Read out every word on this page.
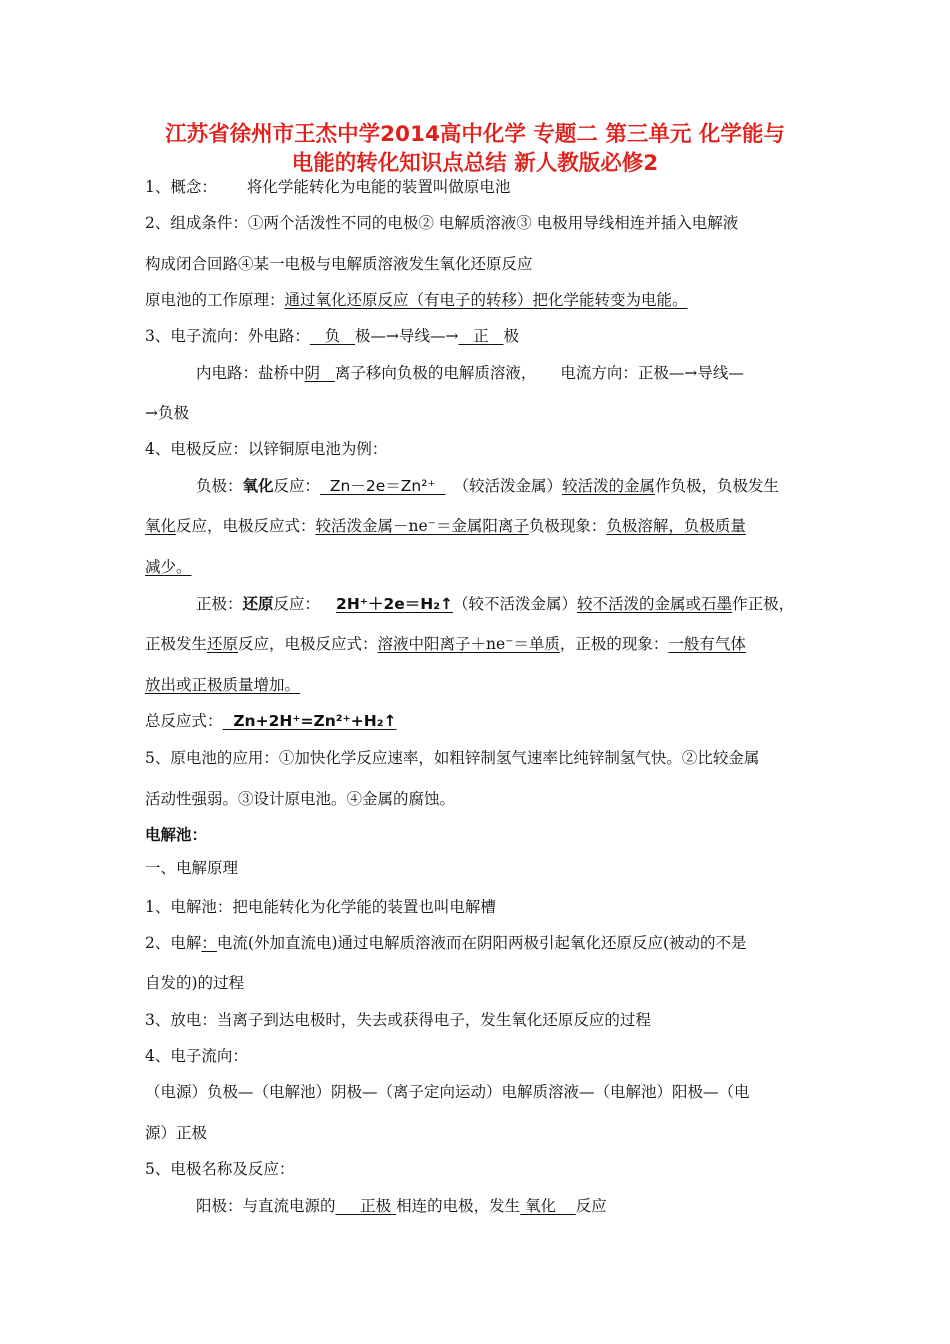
江苏省徐州市王杰中学2014高中化学 专题二 第三单元 化学能与
电能的转化知识点总结 新人教版必修2
1、概念： 将化学能转化为电能的装置叫做原电池
2、组成条件：①两个活泼性不同的电极② 电解质溶液③ 电极用导线相连并插入电解液
构成闭合回路④某一电极与电解质溶液发生氧化还原反应
原电池的工作原理：通过氧化还原反应（有电子的转移）把化学能转变为电能。
3、电子流向：外电路： 负 极—→导线—→ 正 极
内电路：盐桥中阴 离子移向负极的电解质溶液， 电流方向：正极—→导线—
→负极
4、电极反应：以锌铜原电池为例：
负极：氧化反应： Zn－2e＝Zn²⁺ （较活泼金属）较活泼的金属作负极，负极发生
氧化反应，电极反应式：较活泼金属－ne⁻＝金属阳离子负极现象：负极溶解，负极质量
减少。
正极：还原反应： 2H⁺＋2e＝H₂↑（较不活泼金属）较不活泼的金属或石墨作正极，
正极发生还原反应，电极反应式：溶液中阳离子＋ne⁻＝单质，正极的现象：一般有气体
放出或正极质量增加。
总反应式： Zn+2H⁺=Zn²⁺+H₂↑
5、原电池的应用：①加快化学反应速率，如粗锌制氢气速率比纯锌制氢气快。②比较金属
活动性强弱。③设计原电池。④金属的腐蚀。
电解池：
一、电解原理
1、电解池：把电能转化为化学能的装置也叫电解槽
2、电解：电流(外加直流电)通过电解质溶液而在阴阳两极引起氧化还原反应(被动的不是
自发的)的过程
3、放电：当离子到达电极时，失去或获得电子，发生氧化还原反应的过程
4、电子流向：
（电源）负极—（电解池）阴极—（离子定向运动）电解质溶液—（电解池）阳极—（电
源）正极
5、电极名称及反应：
阳极：与直流电源的 正极 相连的电极，发生 氧化 反应
